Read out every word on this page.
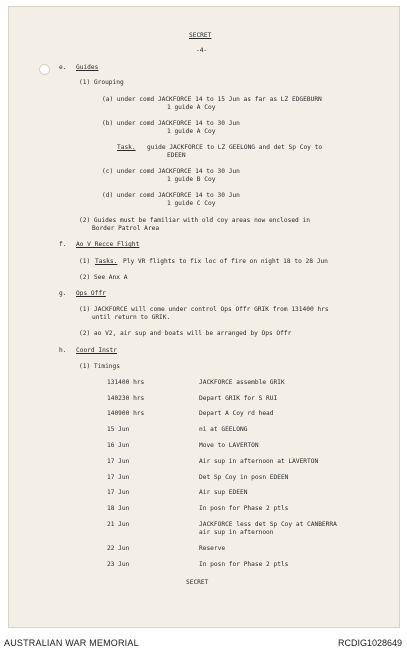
SECRET
-4-
e. Guides
(1) Grouping
(a) under comd JACKFORCE 14 to 15 Jun as far as LZ EDGEBURN
1 guide A Coy
(b) under comd JACKFORCE 14 to 30 Jun
1 guide A Coy
Task. guide JACKFORCE to LZ GEELONG and det Sp Coy to
EDEEN
(c) under comd JACKFORCE 14 to 30 Jun
1 guide B Coy
(d) under comd JACKFORCE 14 to 30 Jun
1 guide C Coy
(2) Guides must be familiar with old coy areas now enclosed in
Border Patrol Area
f. Ao V Recce Flight
(1) Tasks. Ply VR flights to fix loc of fire on night 18 to 28 Jun
(2) See Anx A
g. Ops Offr
(1) JACKFORCE will come under control Ops Offr GRIK from 131400 hrs
until return to GRIK.
(2) ao V2, air sup and boats will be arranged by Ops Offr
h. Coord Instr
(1) Timings
131400 hrs	JACKFORCE assemble GRIK
140230 hrs	Depart GRIK for S RUI
140900 hrs	Depart A Coy rd head
15 Jun	ni at GEELONG
16 Jun	Move to LAVERTON
17 Jun	Air sup in afternoon at LAVERTON
17 Jun	Det Sp Coy in posn EDEEN
17 Jun	Air sup EDEEN
18 Jun	In posn for Phase 2 ptls
21 Jun	JACKFORCE less det Sp Coy at CANBERRA
air sup in afternoon
22 Jun	Reserve
23 Jun	In posn for Phase 2 ptls
SECRET
AUSTRALIAN WAR MEMORIAL	RCDIG1028649
